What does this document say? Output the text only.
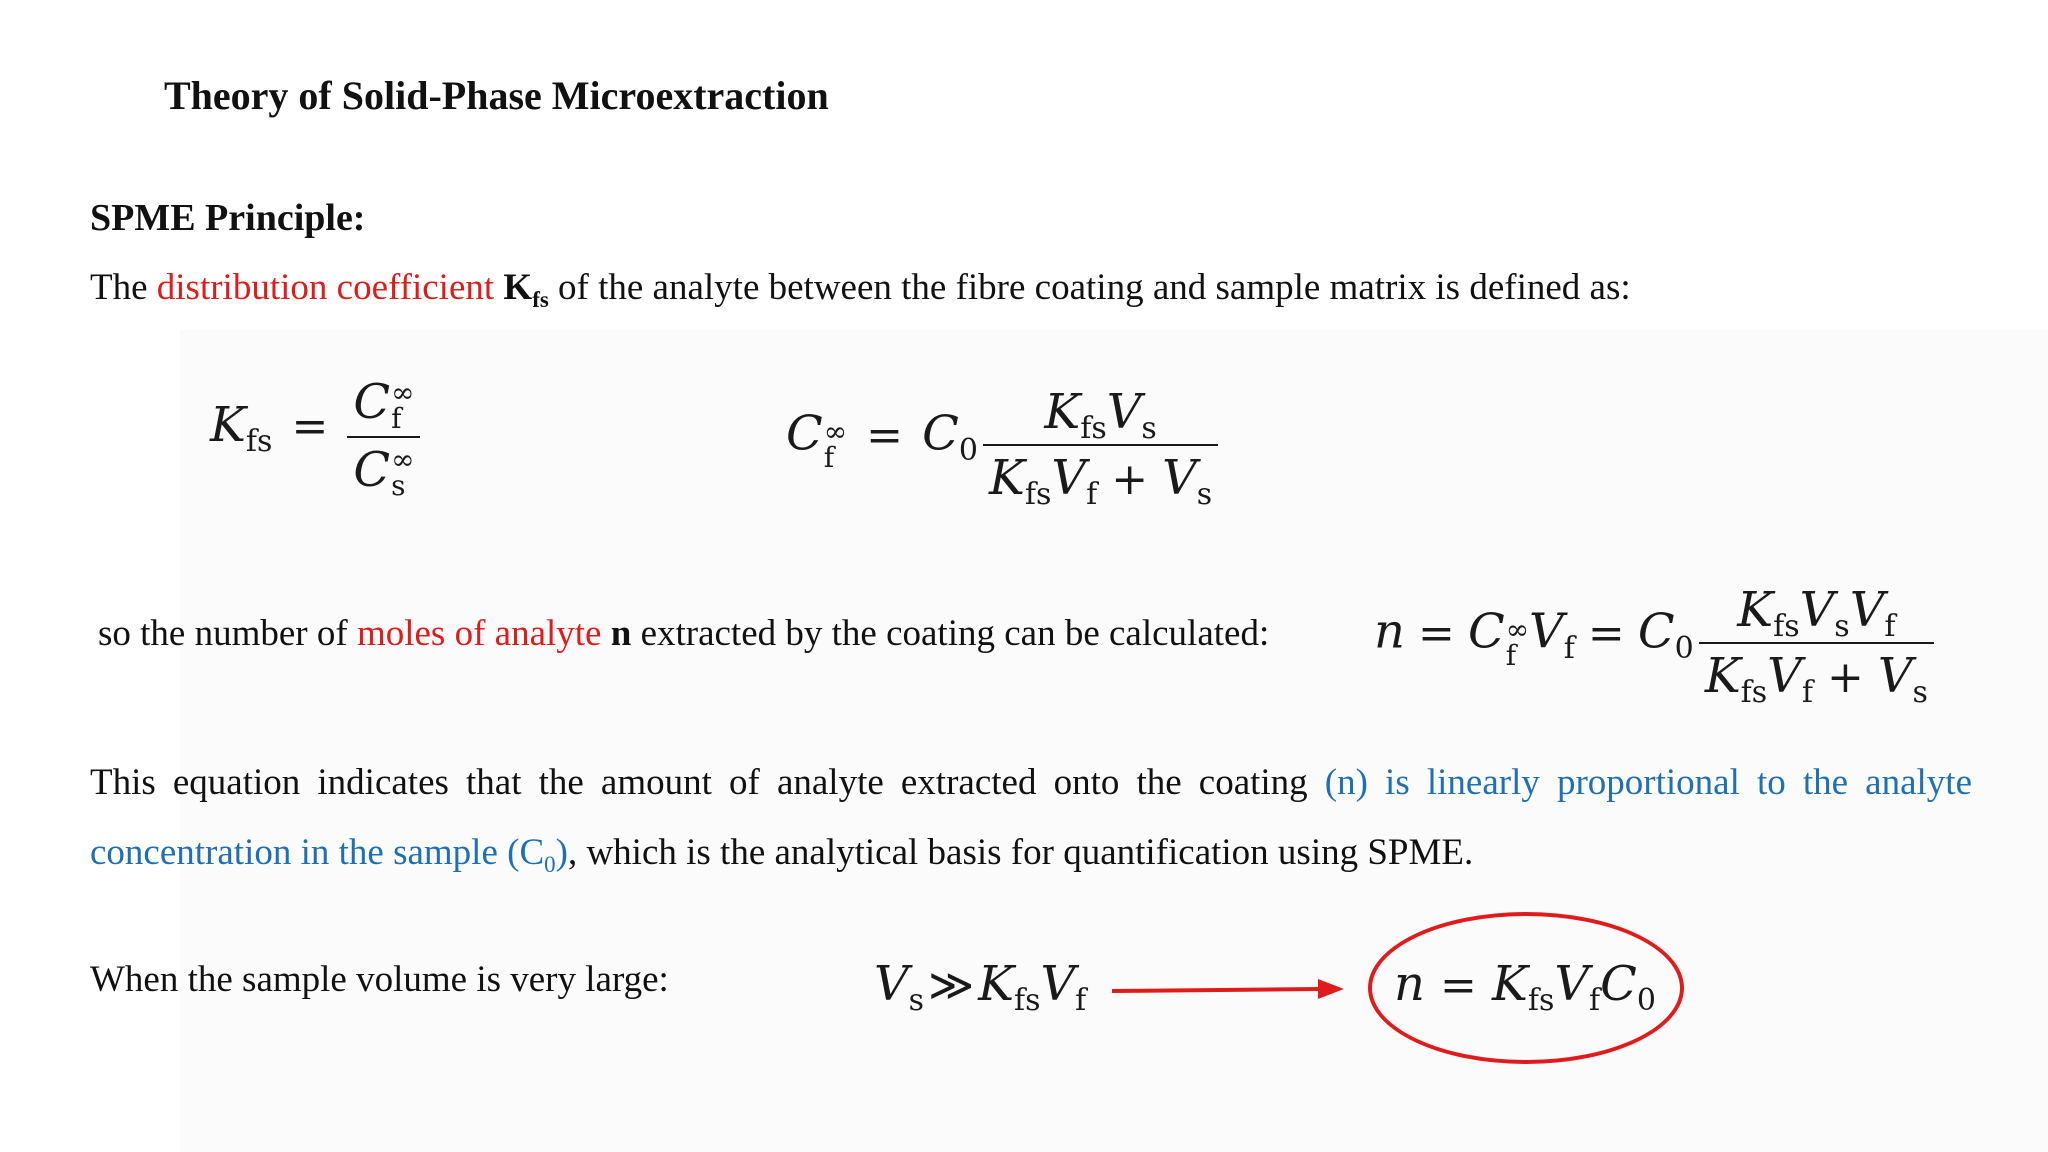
Theory of Solid-Phase Microextraction
SPME Principle:
The distribution coefficient $K_{fs}$ of the analyte between the fibre coating and sample matrix is defined as:
Kfs = C ∞
f
C ∞
s	C ∞
$f = C0 \frac{K_{fs}V_s}{K_{fs}V_f + V_s}$
so the number of moles of analyte n extracted by the coating can be calculated: n = C ∞
f $Vf = C0 \frac{K_{fs}V_sV_f}{K_{fs}V_f + V_s}$
This equation indicates that the amount of analyte extracted onto the coating (n) is linearly proportional to the analyte concentration in the sample $(C_0)$, which is the analytical basis for quantification using SPME.
When the sample volume is very large:	Vs≫KfsVf	n = KfsVfC0
